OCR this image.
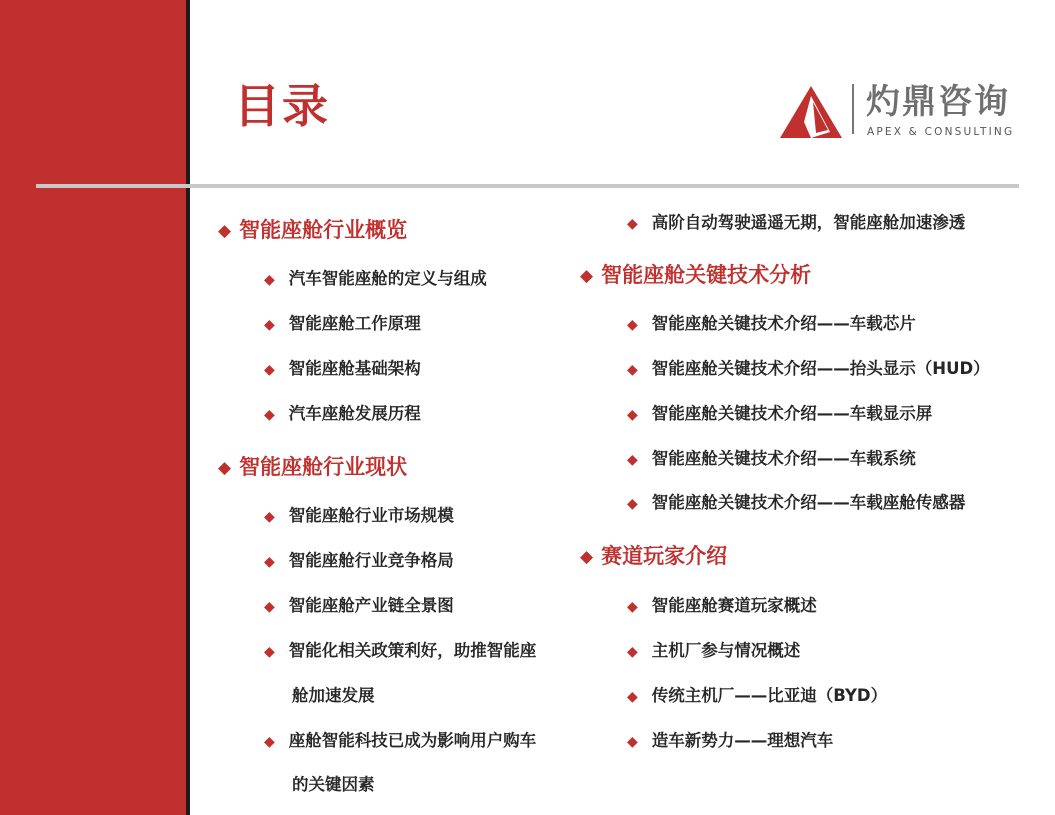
目录	灼鼎咨询
APEX & CONSULTING
◆ 智能座舱行业概览
◆ 汽车智能座舱的定义与组成
◆ 智能座舱工作原理
◆ 智能座舱基础架构
◆ 汽车座舱发展历程
◆ 智能座舱行业现状
◆ 智能座舱行业市场规模
◆ 智能座舱行业竞争格局
◆ 智能座舱产业链全景图
◆ 智能化相关政策利好，助推智能座
舱加速发展
◆ 座舱智能科技已成为影响用户购车
的关键因素
◆ 高阶自动驾驶遥遥无期，智能座舱加速渗透
◆ 智能座舱关键技术分析
◆ 智能座舱关键技术介绍——车载芯片
◆ 智能座舱关键技术介绍——抬头显示（HUD）
◆ 智能座舱关键技术介绍——车载显示屏
◆ 智能座舱关键技术介绍——车载系统
◆ 智能座舱关键技术介绍——车载座舱传感器
◆ 赛道玩家介绍
◆ 智能座舱赛道玩家概述
◆ 主机厂参与情况概述
◆ 传统主机厂——比亚迪（BYD）
◆ 造车新势力——理想汽车
